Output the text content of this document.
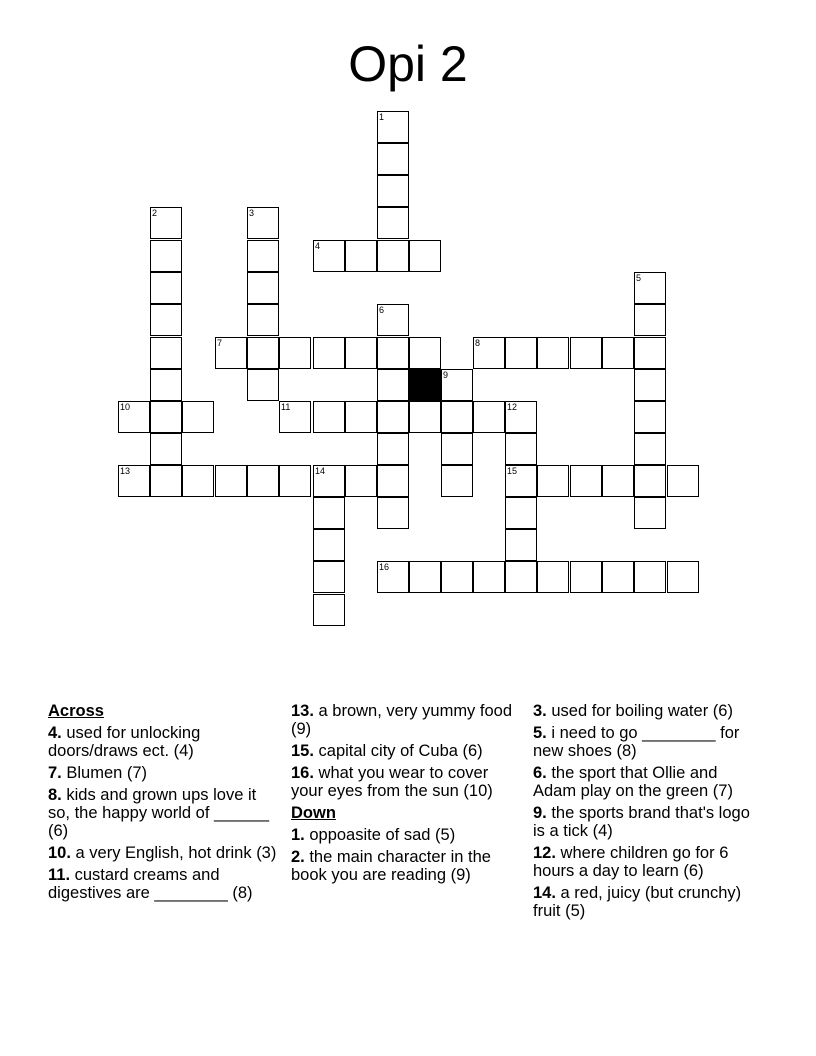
Opi 2
1
4
2	3
5
6
7	8
9
10	11	12
15
13	14
16
Across
4. used for unlocking doors/draws ect. (4)
7. Blumen (7)
8. kids and grown ups love it so, the happy world of ______ (6)
10. a very English, hot drink (3)
11. custard creams and digestives are ________ (8)
13. a brown, very yummy food (9)
15. capital city of Cuba (6)
16. what you wear to cover your eyes from the sun (10)
Down
1. oppoasite of sad (5)
2. the main character in the book you are reading (9)
3. used for boiling water (6)
5. i need to go ________ for new shoes (8)
6. the sport that Ollie and Adam play on the green (7)
9. the sports brand that's logo is a tick (4)
12. where children go for 6 hours a day to learn (6)
14. a red, juicy (but crunchy) fruit (5)
